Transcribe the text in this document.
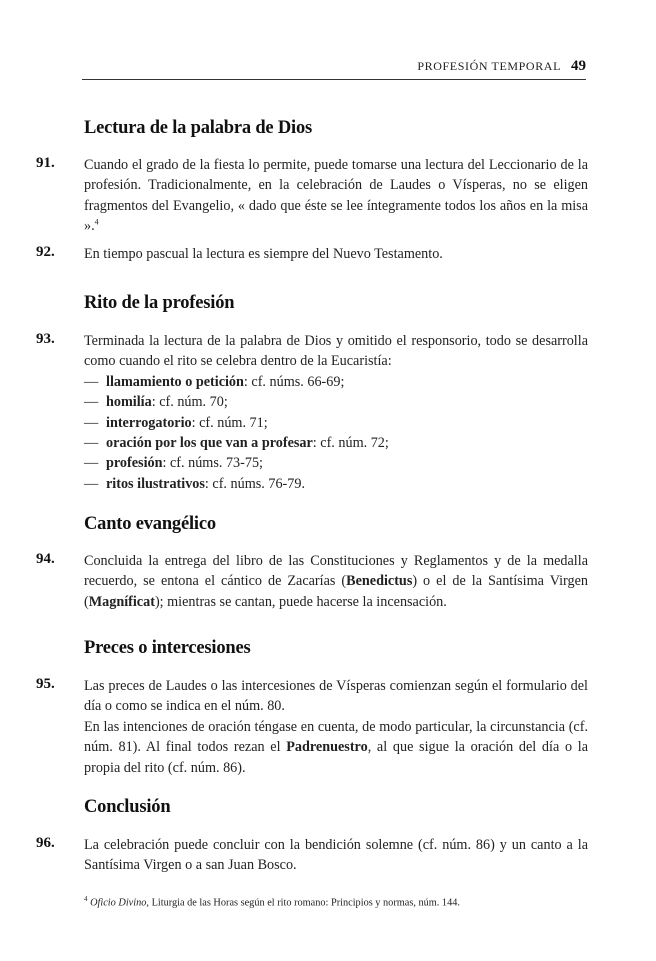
PROFESIÓN TEMPORAL 49
Lectura de la palabra de Dios
91. Cuando el grado de la fiesta lo permite, puede tomarse una lectura del Leccionario de la profesión. Tradicionalmente, en la celebración de Laudes o Vísperas, no se eligen fragmentos del Evangelio, « dado que éste se lee íntegramente todos los años en la misa ».$^4$

92. En tiempo pascual la lectura es siempre del Nuevo Testamento.

Rito de la profesión
93. Terminada la lectura de la palabra de Dios y omitido el responsorio, todo se desarrolla como cuando el rito se celebra dentro de la Eucaristía:

— llamamiento o petición: cf. núms. 66-69;
— homilía: cf. núm. 70;
— interrogatorio: cf. núm. 71;
— oración por los que van a profesar: cf. núm. 72;
— profesión: cf. núms. 73-75;
— ritos ilustrativos: cf. núms. 76-79.
Canto evangélico
94. Concluida la entrega del libro de las Constituciones y Reglamentos y de la medalla recuerdo, se entona el cántico de Zacarías (Benedictus) o el de la Santísima Virgen (Magníficat); mientras se cantan, puede hacerse la incensación.

Preces o intercesiones
95. Las preces de Laudes o las intercesiones de Vísperas comienzan según el formulario del día o como se indica en el núm. 80.

En las intenciones de oración téngase en cuenta, de modo particular, la circunstancia (cf. núm. 81). Al final todos rezan el Padrenuestro, al que sigue la oración del día o la propia del rito (cf. núm. 86).

Conclusión
96. La celebración puede concluir con la bendición solemne (cf. núm. 86) y un canto a la Santísima Virgen o a san Juan Bosco.

$^4$ Oficio Divino, Liturgia de las Horas según el rito romano: Principios y normas, núm. 144.
